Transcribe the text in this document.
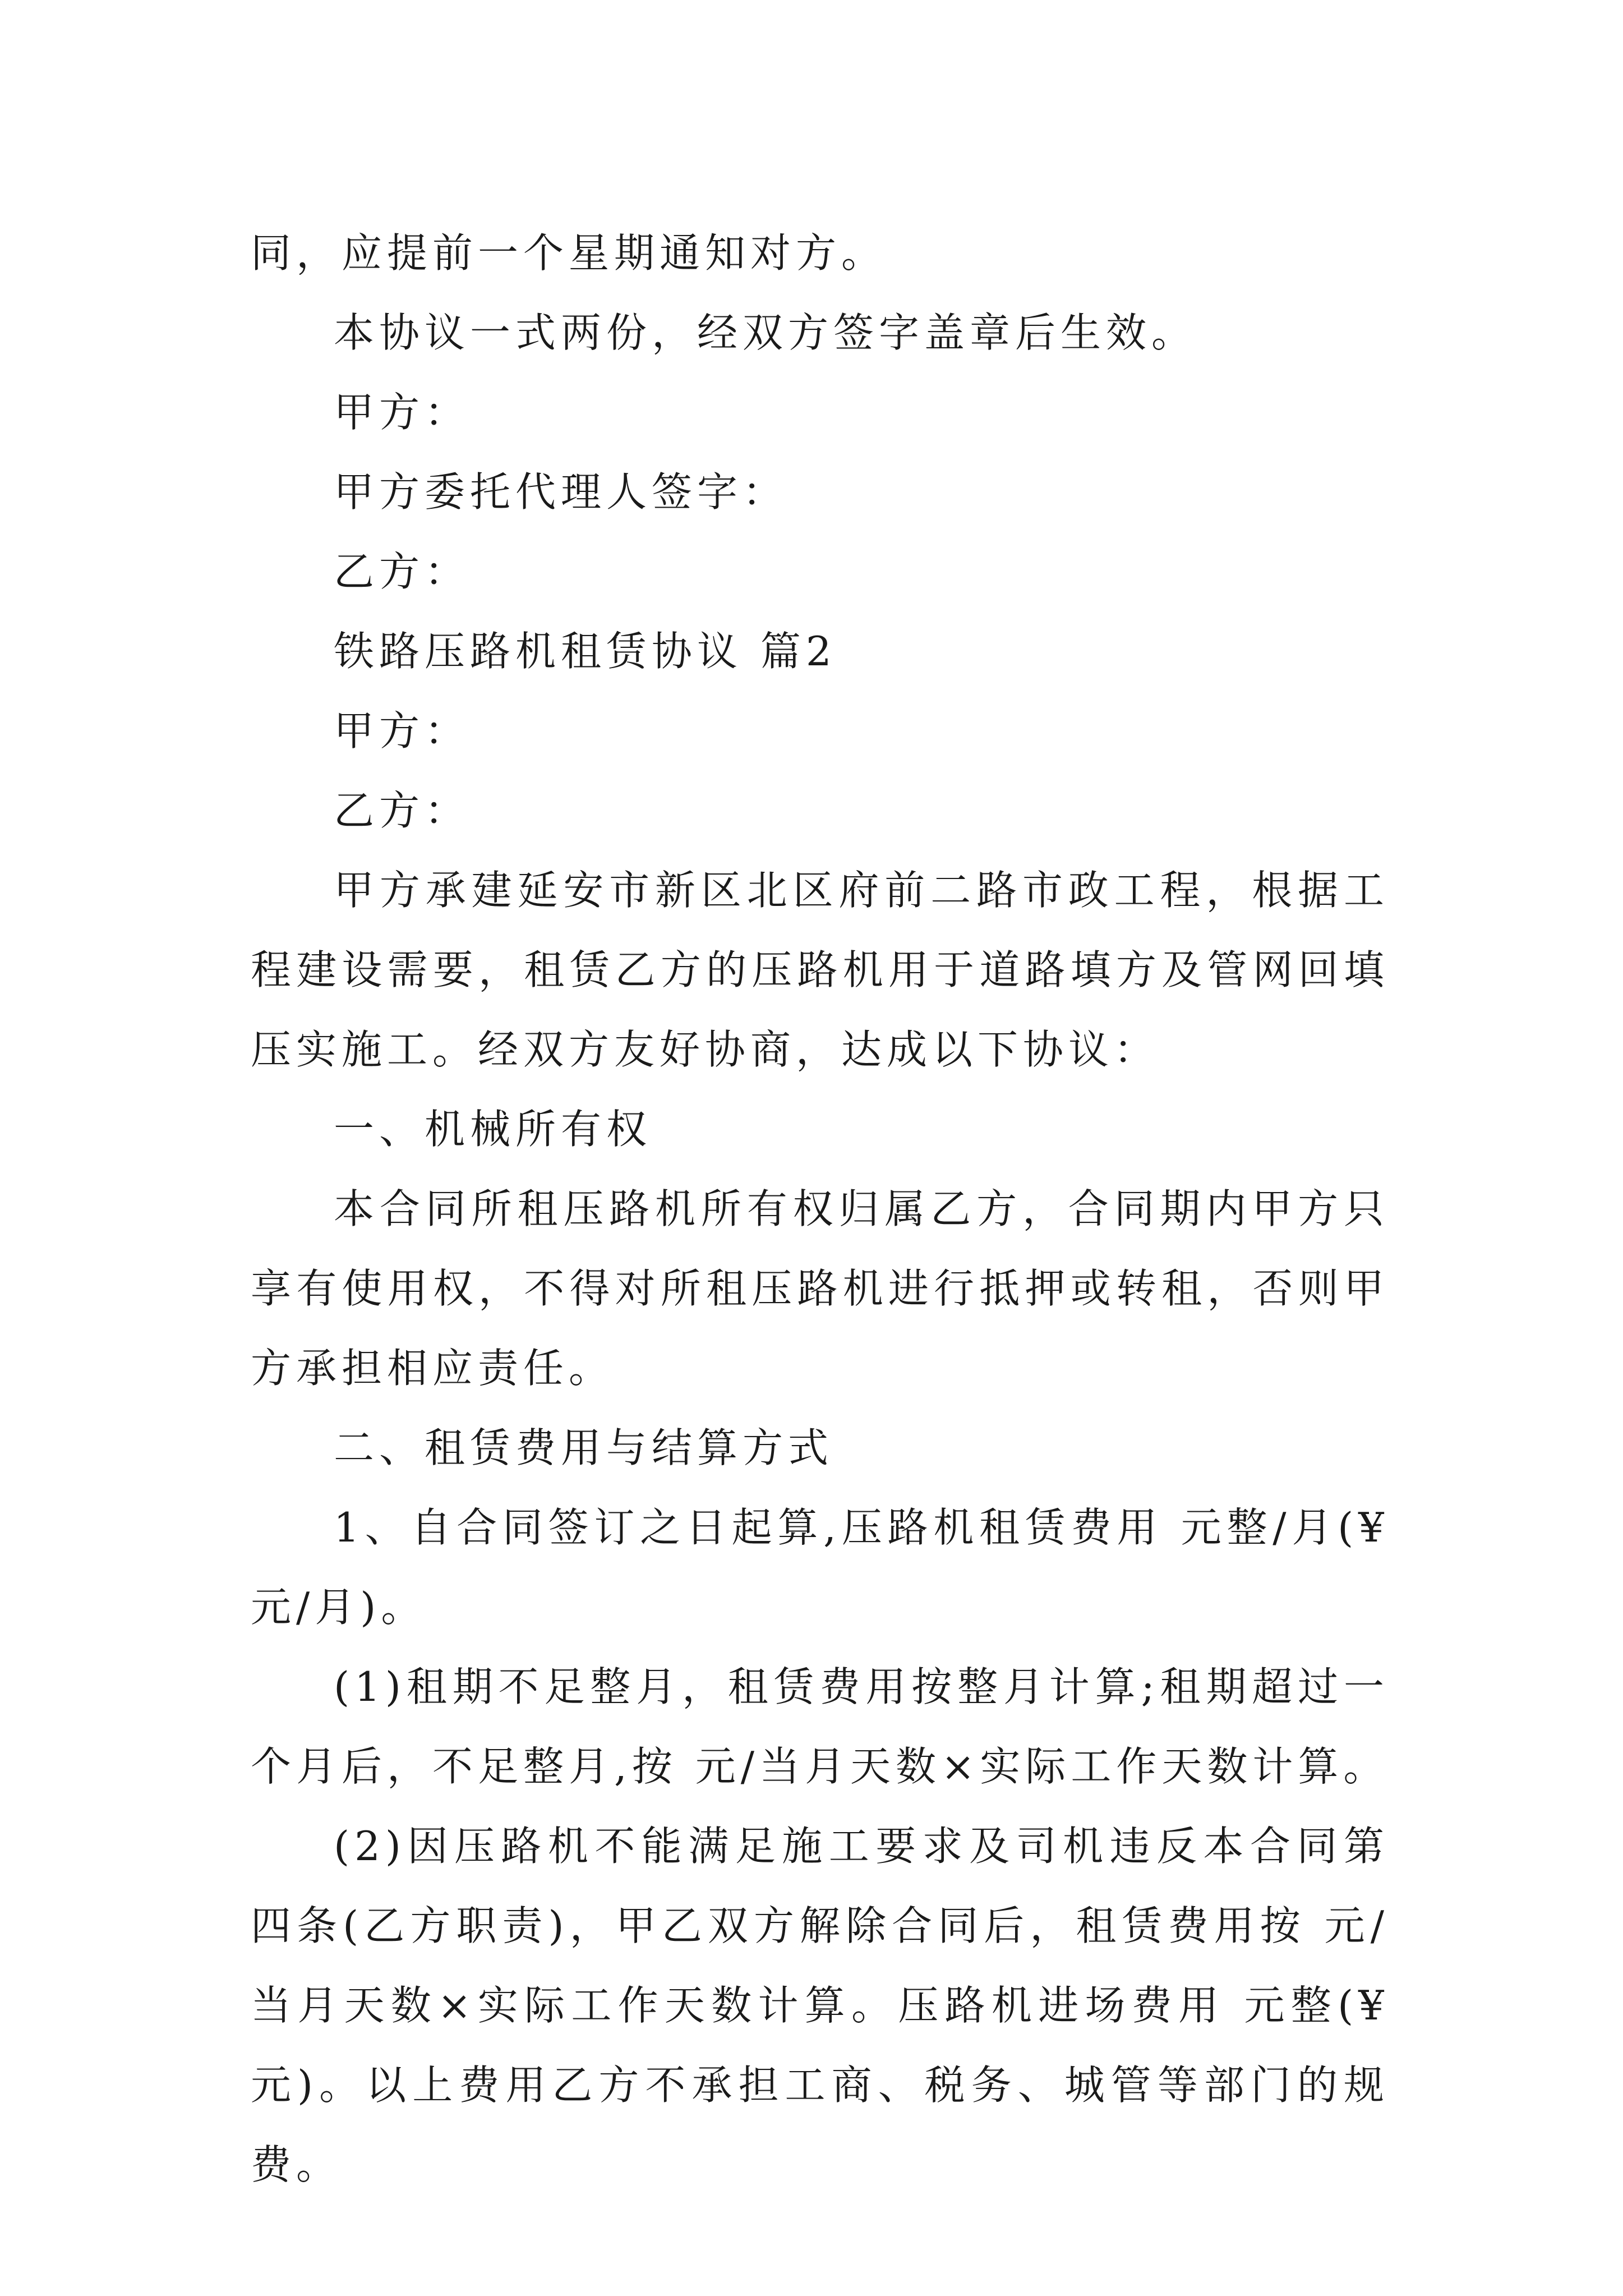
同，应提前一个星期通知对方。

本协议一式两份，经双方签字盖章后生效。

甲方：

甲方委托代理人签字：

乙方：

铁路压路机租赁协议 篇2

甲方：

乙方：

甲方承建延安市新区北区府前二路市政工程，根据工程建设需要，租赁乙方的压路机用于道路填方及管网回填压实施工。经双方友好协商，达成以下协议：

一、机械所有权

本合同所租压路机所有权归属乙方，合同期内甲方只享有使用权，不得对所租压路机进行抵押或转租，否则甲方承担相应责任。

二、租赁费用与结算方式

1、自合同签订之日起算,压路机租赁费用 元整/月(¥ 元/月)。

(1)租期不足整月，租赁费用按整月计算;租期超过一个月后，不足整月,按 元/当月天数×实际工作天数计算。

(2)因压路机不能满足施工要求及司机违反本合同第四条(乙方职责)，甲乙双方解除合同后，租赁费用按 元/当月天数×实际工作天数计算。压路机进场费用 元整(¥ 元)。以上费用乙方不承担工商、税务、城管等部门的规费。
